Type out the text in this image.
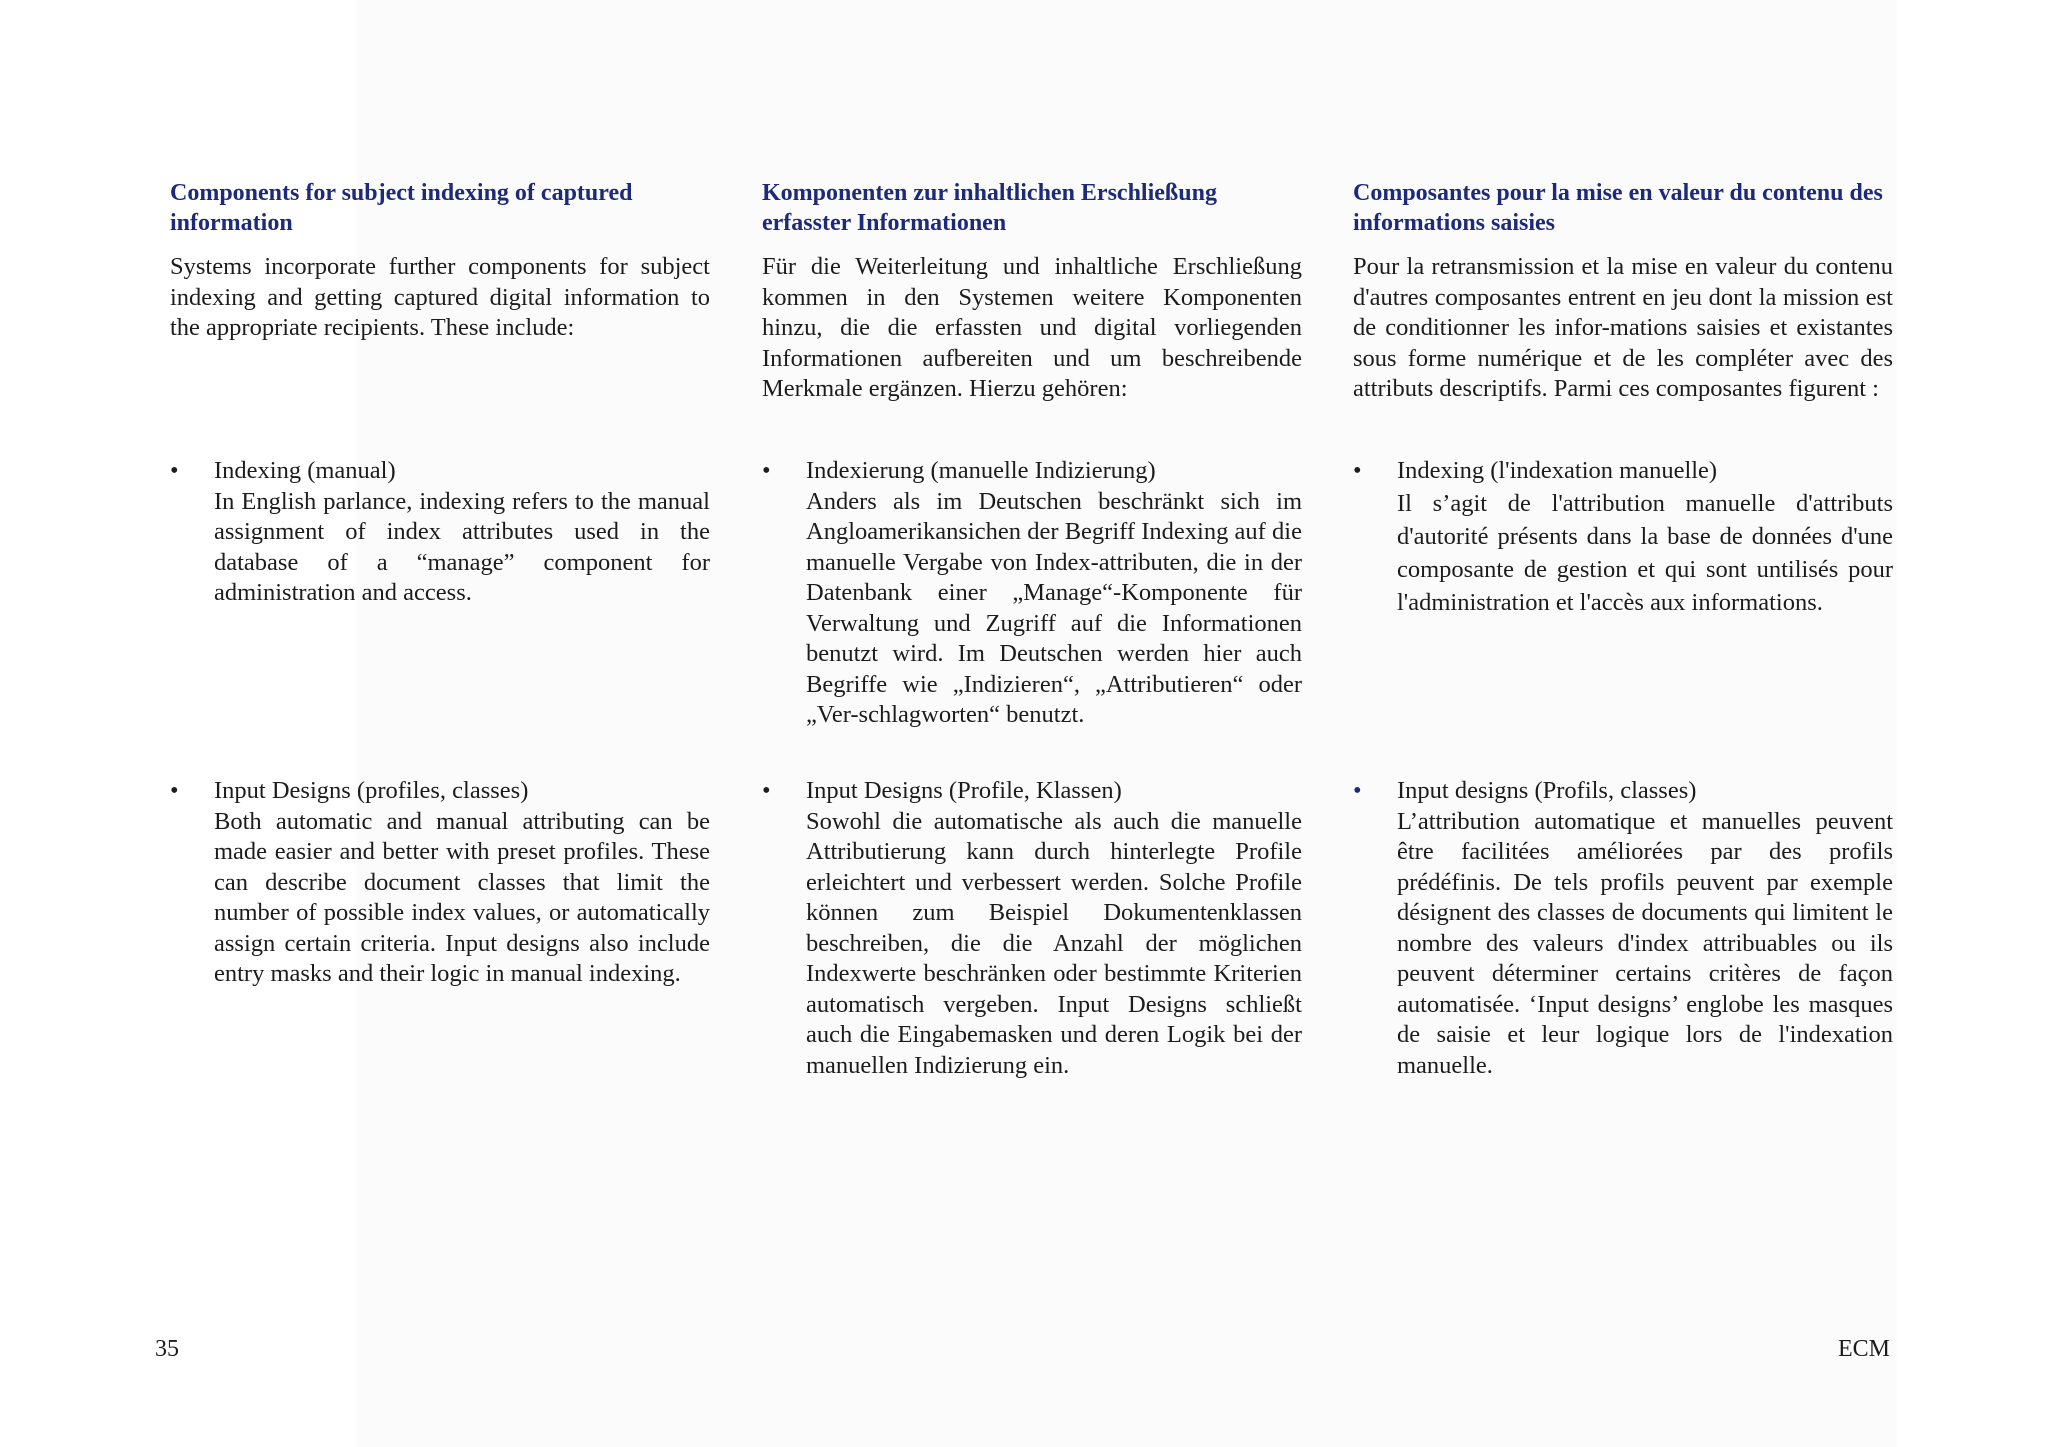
Components for subject indexing of captured information
Systems incorporate further components for subject indexing and getting captured digital information to the appropriate recipients. These include:
•	Indexing (manual)
In English parlance, indexing refers to the manual assignment of index attributes used in the database of a “manage” component for administration and access.
•	Input Designs (profiles, classes)
Both automatic and manual attributing can be made easier and better with preset profiles. These can describe document classes that limit the number of possible index values, or automatically assign certain criteria. Input designs also include entry masks and their logic in manual indexing.
Komponenten zur inhaltlichen Erschließung erfasster Informationen
Für die Weiterleitung und inhaltliche Erschließung kommen in den Systemen weitere Komponenten hinzu, die die erfassten und digital vorliegenden Informationen aufbereiten und um beschreibende Merkmale ergänzen. Hierzu gehören:
•	Indexierung (manuelle Indizierung)
Anders als im Deutschen beschränkt sich im Angloamerikansichen der Begriff Indexing auf die manuelle Vergabe von Index-attributen, die in der Datenbank einer „Manage“-Komponente für Verwaltung und Zugriff auf die Informationen benutzt wird. Im Deutschen werden hier auch Begriffe wie „Indizieren“, „Attributieren“ oder „Ver-schlagworten“ benutzt.
•	Input Designs (Profile, Klassen)
Sowohl die automatische als auch die manuelle Attributierung kann durch hinterlegte Profile erleichtert und verbessert werden. Solche Profile können zum Beispiel Dokumentenklassen beschreiben, die die Anzahl der möglichen Indexwerte beschränken oder bestimmte Kriterien automatisch vergeben. Input Designs schließt auch die Eingabemasken und deren Logik bei der manuellen Indizierung ein.
Composantes pour la mise en valeur du contenu des informations saisies
Pour la retransmission et la mise en valeur du contenu d'autres composantes entrent en jeu dont la mission est de conditionner les infor-mations saisies et existantes sous forme numérique et de les compléter avec des attributs descriptifs. Parmi ces composantes figurent :
•	Indexing (l'indexation manuelle)
Il s’agit de l'attribution manuelle d'attributs d'autorité présents dans la base de données d'une composante de gestion et qui sont untilisés pour l'administration et l'accès aux informations.
•	Input designs (Profils, classes)
L’attribution automatique et manuelles peuvent être facilitées améliorées par des profils prédéfinis. De tels profils peuvent par exemple désignent des classes de documents qui limitent le nombre des valeurs d'index attribuables ou ils peuvent déterminer certains critères de façon automatisée. ‘Input designs’ englobe les masques de saisie et leur logique lors de l'indexation manuelle.
35	ECM
